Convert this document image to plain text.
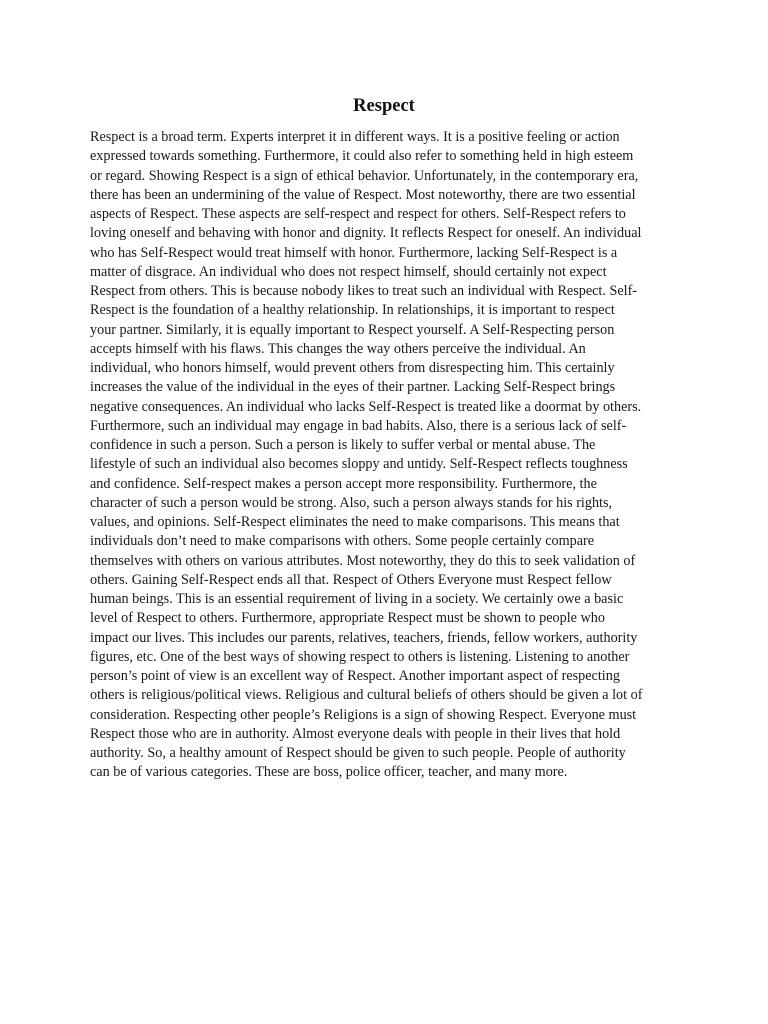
Respect
Respect is a broad term. Experts interpret it in different ways. It is a positive feeling or action
expressed towards something. Furthermore, it could also refer to something held in high esteem
or regard. Showing Respect is a sign of ethical behavior. Unfortunately, in the contemporary era,
there has been an undermining of the value of Respect. Most noteworthy, there are two essential
aspects of Respect. These aspects are self-respect and respect for others. Self-Respect refers to
loving oneself and behaving with honor and dignity. It reflects Respect for oneself. An individual
who has Self-Respect would treat himself with honor. Furthermore, lacking Self-Respect is a
matter of disgrace. An individual who does not respect himself, should certainly not expect
Respect from others. This is because nobody likes to treat such an individual with Respect. Self-
Respect is the foundation of a healthy relationship. In relationships, it is important to respect
your partner. Similarly, it is equally important to Respect yourself. A Self-Respecting person
accepts himself with his flaws. This changes the way others perceive the individual. An
individual, who honors himself, would prevent others from disrespecting him. This certainly
increases the value of the individual in the eyes of their partner. Lacking Self-Respect brings
negative consequences. An individual who lacks Self-Respect is treated like a doormat by others.
Furthermore, such an individual may engage in bad habits. Also, there is a serious lack of self-
confidence in such a person. Such a person is likely to suffer verbal or mental abuse. The
lifestyle of such an individual also becomes sloppy and untidy. Self-Respect reflects toughness
and confidence. Self-respect makes a person accept more responsibility. Furthermore, the
character of such a person would be strong. Also, such a person always stands for his rights,
values, and opinions. Self-Respect eliminates the need to make comparisons. This means that
individuals don’t need to make comparisons with others. Some people certainly compare
themselves with others on various attributes. Most noteworthy, they do this to seek validation of
others. Gaining Self-Respect ends all that. Respect of Others Everyone must Respect fellow
human beings. This is an essential requirement of living in a society. We certainly owe a basic
level of Respect to others. Furthermore, appropriate Respect must be shown to people who
impact our lives. This includes our parents, relatives, teachers, friends, fellow workers, authority
figures, etc. One of the best ways of showing respect to others is listening. Listening to another
person’s point of view is an excellent way of Respect. Another important aspect of respecting
others is religious/political views. Religious and cultural beliefs of others should be given a lot of
consideration. Respecting other people’s Religions is a sign of showing Respect. Everyone must
Respect those who are in authority. Almost everyone deals with people in their lives that hold
authority. So, a healthy amount of Respect should be given to such people. People of authority
can be of various categories. These are boss, police officer, teacher, and many more.
